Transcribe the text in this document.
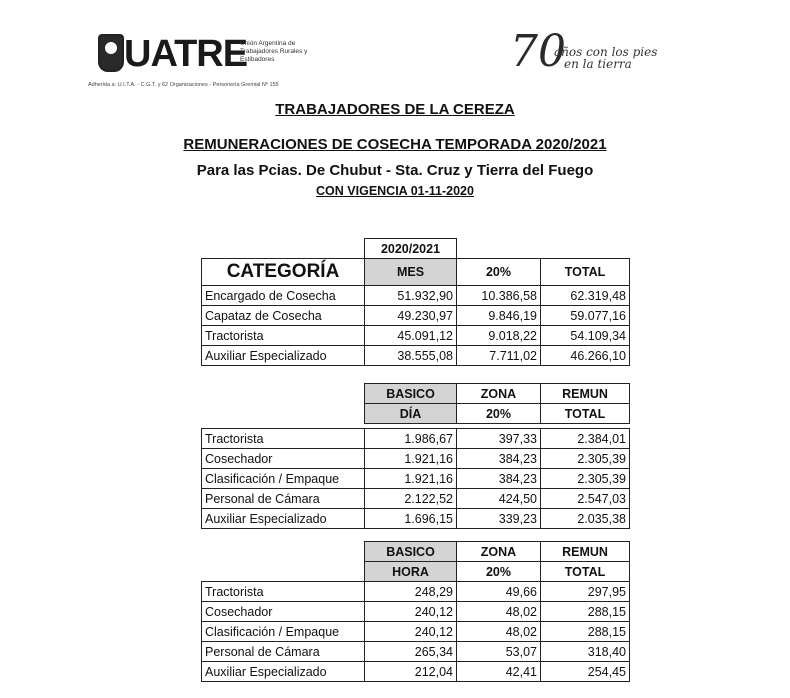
UATRE
Unión Argentina de Trabajadores Rurales y Estibadores
Adherida a: U.I.T.A. - C.G.T. y 62 Organizaciones - Personería Gremial Nº 155
70
años con los pies
en la tierra
TRABAJADORES DE LA CEREZA
REMUNERACIONES DE COSECHA TEMPORADA 2020/2021
Para las Pcias. De Chubut - Sta. Cruz y Tierra del Fuego
CON VIGENCIA 01-11-2020
	2020/2021		
CATEGORÍA	MES	20%	TOTAL
Encargado de Cosecha	51.932,90	10.386,58	62.319,48
Capataz de Cosecha	49.230,97	9.846,19	59.077,16
Tractorista	45.091,12	9.018,22	54.109,34
Auxiliar Especializado	38.555,08	7.711,02	46.266,10
	BASICO	ZONA	REMUN
	DÍA	20%	TOTAL

Tractorista	1.986,67	397,33	2.384,01
Cosechador	1.921,16	384,23	2.305,39
Clasificación / Empaque	1.921,16	384,23	2.305,39
Personal de Cámara	2.122,52	424,50	2.547,03
Auxiliar Especializado	1.696,15	339,23	2.035,38
	BASICO	ZONA	REMUN
	HORA	20%	TOTAL
Tractorista	248,29	49,66	297,95
Cosechador	240,12	48,02	288,15
Clasificación / Empaque	240,12	48,02	288,15
Personal de Cámara	265,34	53,07	318,40
Auxiliar Especializado	212,04	42,41	254,45
